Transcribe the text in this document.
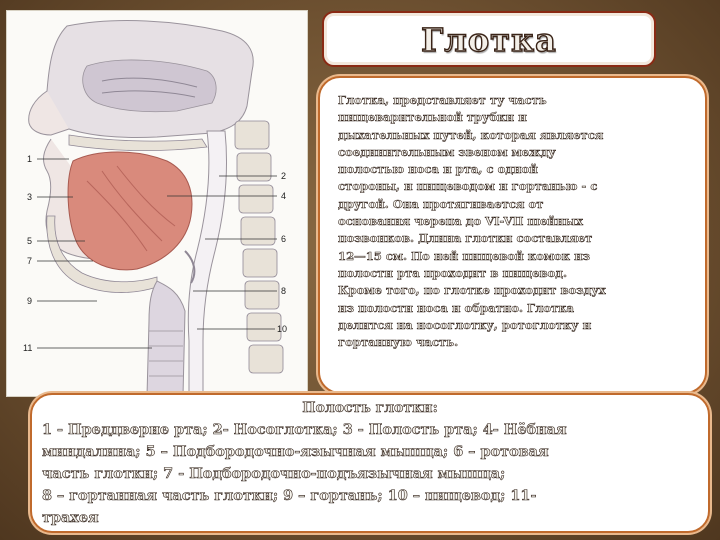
1
3
5
7
9
11
2
4
6
8
10
Глотка

Глотка, представляет ту часть
пищеварительной трубки и
дыхательных путей, которая является
соединительным звеном между
полостью носа и рта, с одной
стороны, и пищеводом и гортанью - с
другой. Она протягивается от
основания черепа до VI-VII шейных
позвонков. Длина глотки составляет
12—15 см. По ней пищевой комок из
полости рта проходит в пищевод.
Кроме того, по глотке проходит воздух
из полости носа и обратно. Глотка
делится на носоглотку, ротоглотку и
гортанную часть.

Полость глотки:

1 - Преддверие рта; 2- Носоглотка; 3 - Полость рта; 4- Нёбная
миндалина; 5 – Подбородочно-язычная мышца; 6 – ротовая
часть глотки; 7 - Подбородочно-подъязычная мышца;
8 – гортанная часть глотки; 9 – гортань; 10 – пищевод; 11-
трахея
